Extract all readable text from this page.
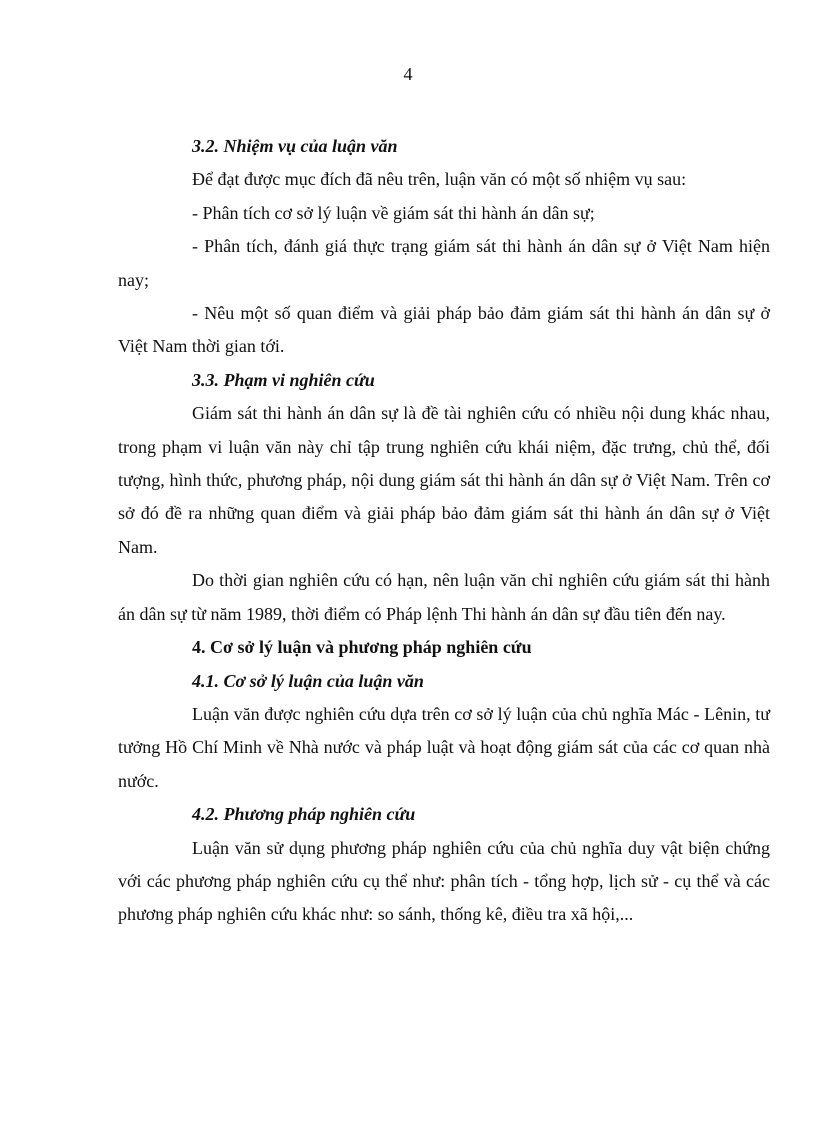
4

3.2. Nhiệm vụ của luận văn

Để đạt được mục đích đã nêu trên, luận văn có một số nhiệm vụ sau:

- Phân tích cơ sở lý luận về giám sát thi hành án dân sự;

- Phân tích, đánh giá thực trạng giám sát thi hành án dân sự ở Việt Nam hiện nay;

- Nêu một số quan điểm và giải pháp bảo đảm giám sát thi hành án dân sự ở Việt Nam thời gian tới.

3.3. Phạm vi nghiên cứu

Giám sát thi hành án dân sự là đề tài nghiên cứu có nhiều nội dung khác nhau, trong phạm vi luận văn này chỉ tập trung nghiên cứu khái niệm, đặc trưng, chủ thể, đối tượng, hình thức, phương pháp, nội dung giám sát thi hành án dân sự ở Việt Nam. Trên cơ sở đó đề ra những quan điểm và giải pháp bảo đảm giám sát thi hành án dân sự ở Việt Nam.

Do thời gian nghiên cứu có hạn, nên luận văn chỉ nghiên cứu giám sát thi hành án dân sự từ năm 1989, thời điểm có Pháp lệnh Thi hành án dân sự đầu tiên đến nay.

4. Cơ sở lý luận và phương pháp nghiên cứu

4.1. Cơ sở lý luận của luận văn

Luận văn được nghiên cứu dựa trên cơ sở lý luận của chủ nghĩa Mác - Lênin, tư tưởng Hồ Chí Minh về Nhà nước và pháp luật và hoạt động giám sát của các cơ quan nhà nước.

4.2. Phương pháp nghiên cứu

Luận văn sử dụng phương pháp nghiên cứu của chủ nghĩa duy vật biện chứng với các phương pháp nghiên cứu cụ thể như: phân tích - tổng hợp, lịch sử - cụ thể và các phương pháp nghiên cứu khác như: so sánh, thống kê, điều tra xã hội,...
